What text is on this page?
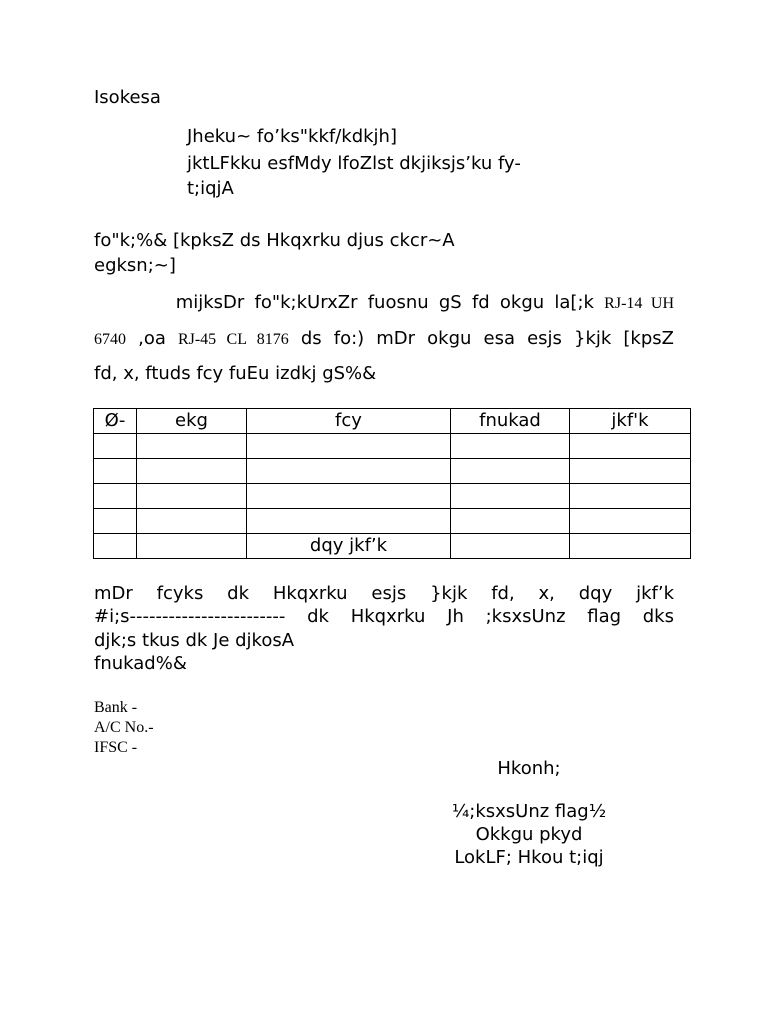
Isokesa
Jheku~ fo’ks"kkf/kdkjh]
jktLFkku esfMdy lfoZlst dkjiksjs’ku fy-
t;iqjA
fo"k;%& [kpksZ ds Hkqxrku djus ckcr~A
egksn;~]
mijksDr fo"k;kUrxZr fuosnu gS fd okgu la[;k RJ-14 UH
6740 ,oa RJ-45 CL 8176 ds fo:) mDr okgu esa esjs }kjk [kpsZ
fd, x, ftuds fcy fuEu izdkj gS%&
Ø-	ekg	fcy	fnukad	jkf'k

		dqy jkf’k		
mDr fcyks dk Hkqxrku esjs }kjk fd, x, dqy jkf’k
#i;s------------------------ dk Hkqxrku Jh ;ksxsUnz flag dks
djk;s tkus dk Je djkosA
fnukad%&
Bank -
A/C No.-
IFSC -
Hkonh;
¼;ksxsUnz flag½
Okkgu pkyd
LokLF; Hkou t;iqj
